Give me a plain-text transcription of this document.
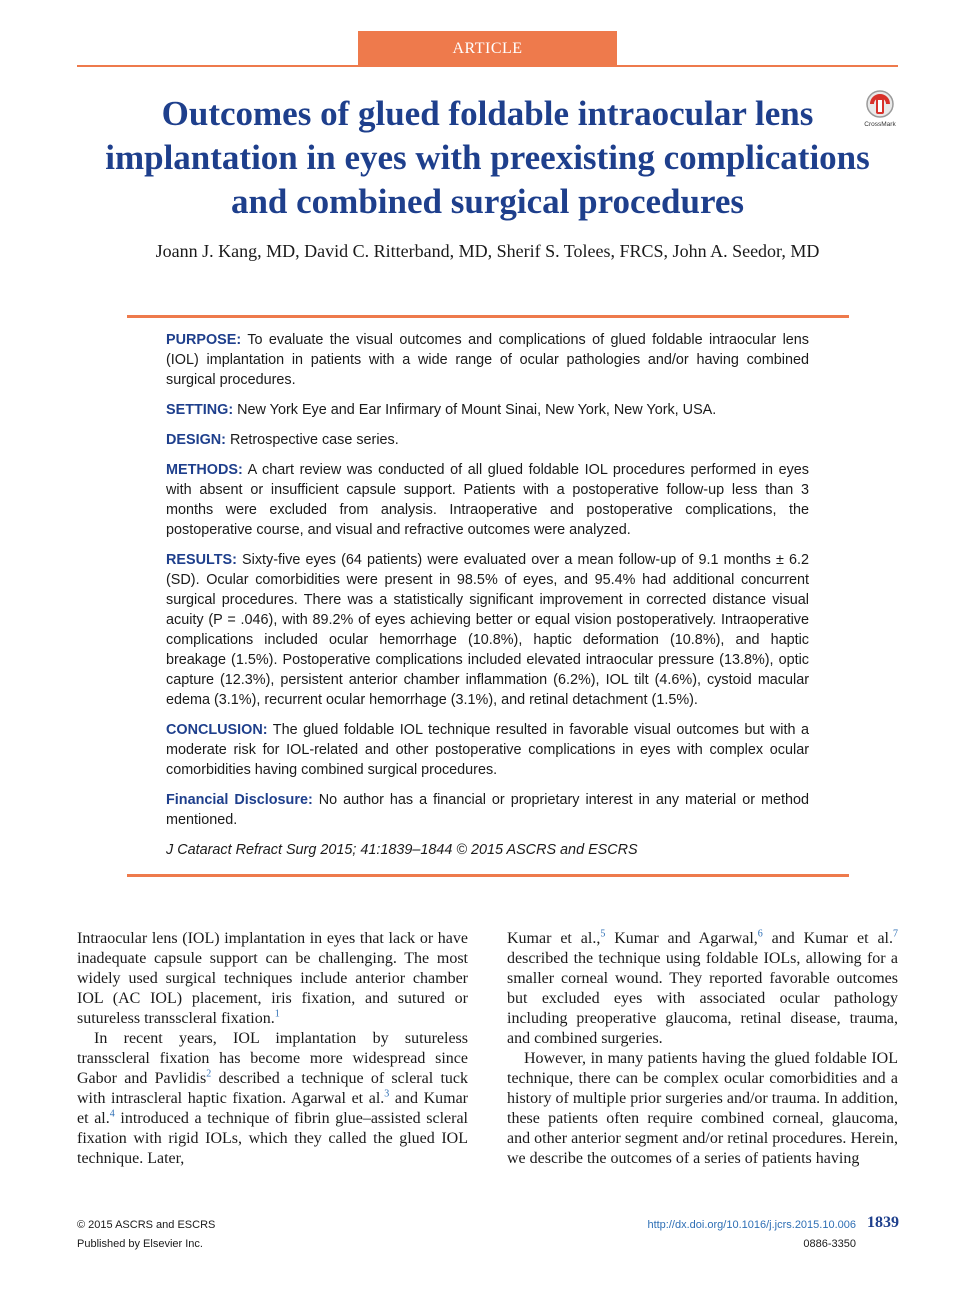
ARTICLE
Outcomes of glued foldable intraocular lens implantation in eyes with preexisting complications and combined surgical procedures
CrossMark
Joann J. Kang, MD, David C. Ritterband, MD, Sherif S. Tolees, FRCS, John A. Seedor, MD

PURPOSE: To evaluate the visual outcomes and complications of glued foldable intraocular lens (IOL) implantation in patients with a wide range of ocular pathologies and/or having combined surgical procedures.

SETTING: New York Eye and Ear Infirmary of Mount Sinai, New York, New York, USA.

DESIGN: Retrospective case series.

METHODS: A chart review was conducted of all glued foldable IOL procedures performed in eyes with absent or insufficient capsule support. Patients with a postoperative follow-up less than 3 months were excluded from analysis. Intraoperative and postoperative complications, the postoperative course, and visual and refractive outcomes were analyzed.

RESULTS: Sixty-five eyes (64 patients) were evaluated over a mean follow-up of 9.1 months ± 6.2 (SD). Ocular comorbidities were present in 98.5% of eyes, and 95.4% had additional concurrent surgical procedures. There was a statistically significant improvement in corrected distance visual acuity (P = .046), with 89.2% of eyes achieving better or equal vision postoperatively. Intraoperative complications included ocular hemorrhage (10.8%), haptic deformation (10.8%), and haptic breakage (1.5%). Postoperative complications included elevated intraocular pressure (13.8%), optic capture (12.3%), persistent anterior chamber inflammation (6.2%), IOL tilt (4.6%), cystoid macular edema (3.1%), recurrent ocular hemorrhage (3.1%), and retinal detachment (1.5%).

CONCLUSION: The glued foldable IOL technique resulted in favorable visual outcomes but with a moderate risk for IOL-related and other postoperative complications in eyes with complex ocular comorbidities having combined surgical procedures.

Financial Disclosure: No author has a financial or proprietary interest in any material or method mentioned.

J Cataract Refract Surg 2015; 41:1839–1844 © 2015 ASCRS and ESCRS

Intraocular lens (IOL) implantation in eyes that lack or have inadequate capsule support can be challenging. The most widely used surgical techniques include anterior chamber IOL (AC IOL) placement, iris fixation, and sutured or sutureless transscleral fixation.$^1$

In recent years, IOL implantation by sutureless transscleral fixation has become more widespread since Gabor and Pavlidis$^2$ described a technique of scleral tuck with intrascleral haptic fixation. Agarwal et al.$^3$ and Kumar et al.$^4$ introduced a technique of fibrin glue–assisted scleral fixation with rigid IOLs, which they called the glued IOL technique. Later,

Kumar et al.,$^5$ Kumar and Agarwal,$^6$ and Kumar et al.$^7$ described the technique using foldable IOLs, allowing for a smaller corneal wound. They reported favorable outcomes but excluded eyes with associated ocular pathology including preoperative glaucoma, retinal disease, trauma, and combined surgeries.

However, in many patients having the glued foldable IOL technique, there can be complex ocular comorbidities and a history of multiple prior surgeries and/or trauma. In addition, these patients often require combined corneal, glaucoma, and other anterior segment and/or retinal procedures. Herein, we describe the outcomes of a series of patients having

© 2015 ASCRS and ESCRS
Published by Elsevier Inc.
http://dx.doi.org/10.1016/j.jcrs.2015.10.006 1839
0886-3350
